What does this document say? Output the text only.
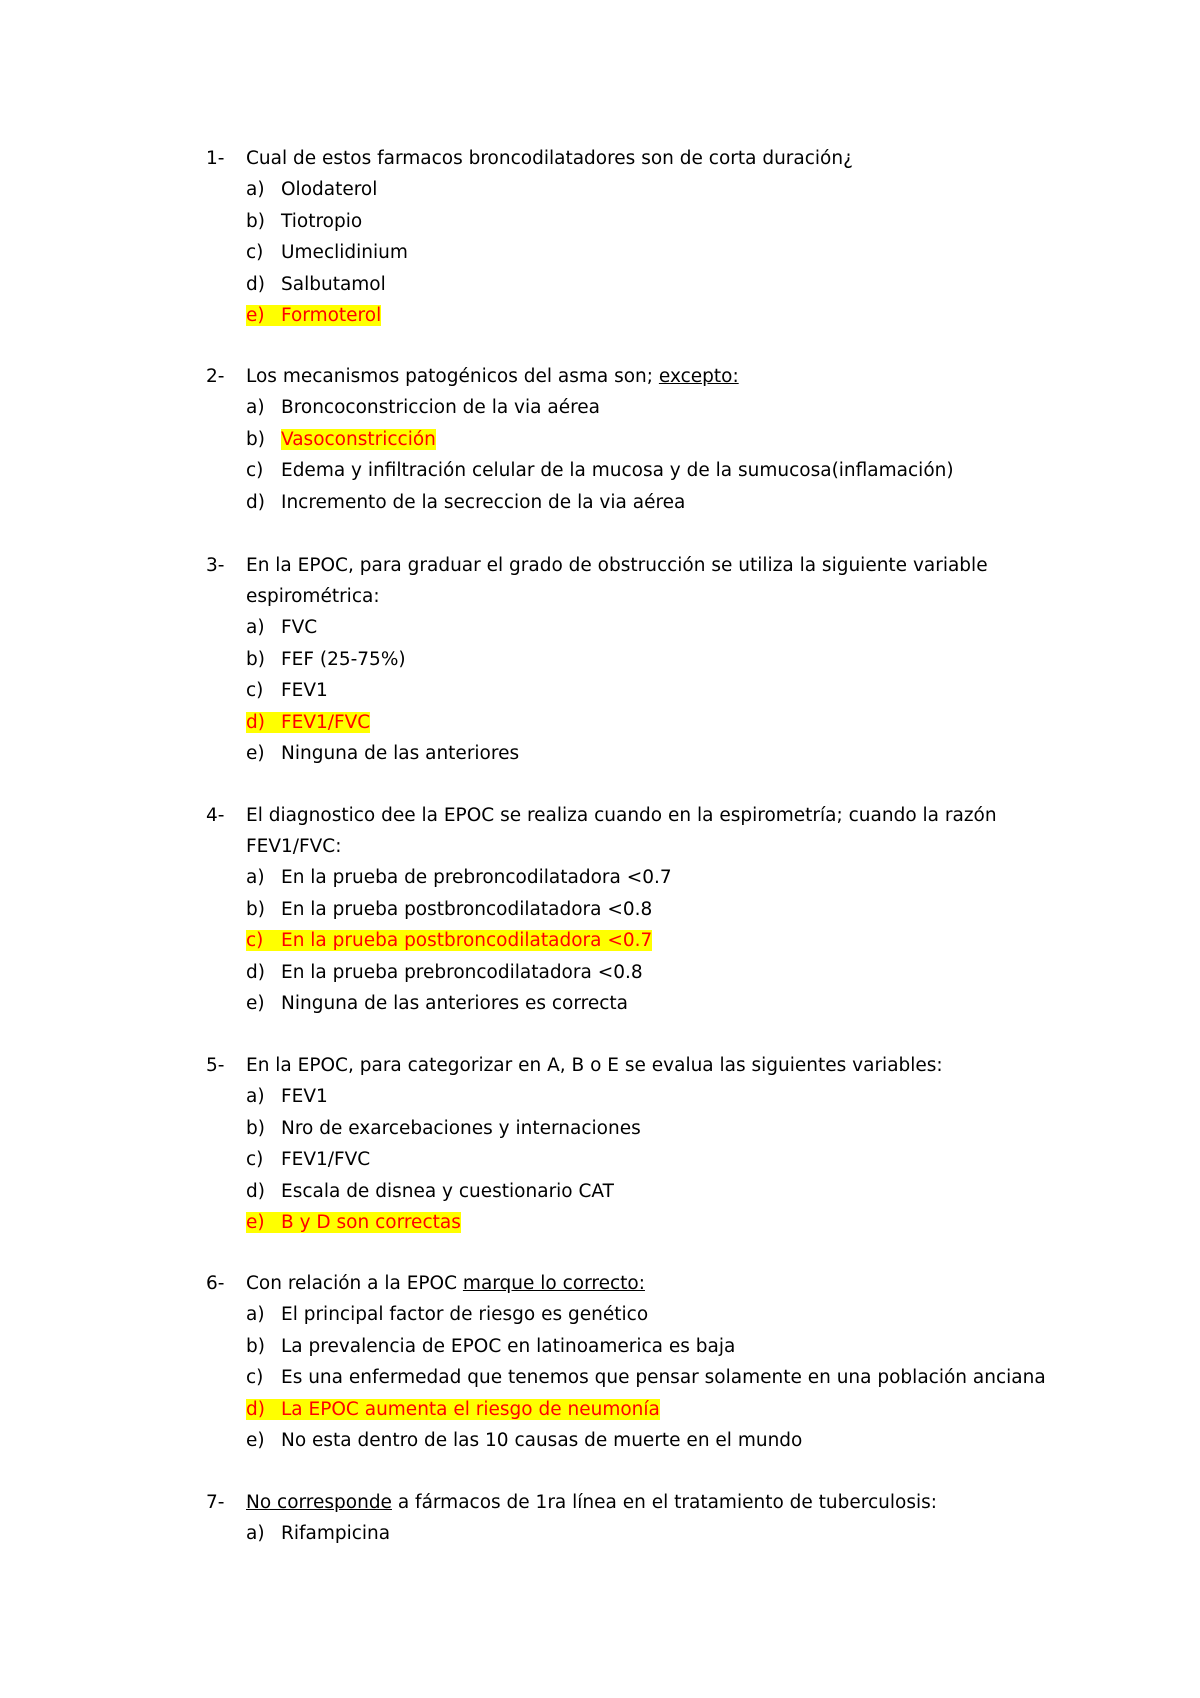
1-	Cual de estos farmacos broncodilatadores son de corta duración¿
a) Olodaterol
b) Tiotropio
c) Umeclidinium
d) Salbutamol
e) Formoterol
2-	Los mecanismos patogénicos del asma son; excepto:
a) Broncoconstriccion de la via aérea
b) Vasoconstricción
c) Edema y infiltración celular de la mucosa y de la sumucosa(inflamación)
d) Incremento de la secreccion de la via aérea
3-	En la EPOC, para graduar el grado de obstrucción se utiliza la siguiente variable
espirométrica:
a) FVC
b) FEF (25-75%)
c) FEV1
d) FEV1/FVC
e) Ninguna de las anteriores
4-	El diagnostico dee la EPOC se realiza cuando en la espirometría; cuando la razón
FEV1/FVC:
a) En la prueba de prebroncodilatadora <0.7
b) En la prueba postbroncodilatadora <0.8
c) En la prueba postbroncodilatadora <0.7
d) En la prueba prebroncodilatadora <0.8
e) Ninguna de las anteriores es correcta
5-	En la EPOC, para categorizar en A, B o E se evalua las siguientes variables:
a) FEV1
b) Nro de exarcebaciones y internaciones
c) FEV1/FVC
d) Escala de disnea y cuestionario CAT
e) B y D son correctas
6-	Con relación a la EPOC marque lo correcto:
a) El principal factor de riesgo es genético
b) La prevalencia de EPOC en latinoamerica es baja
c) Es una enfermedad que tenemos que pensar solamente en una población anciana
d) La EPOC aumenta el riesgo de neumonía
e) No esta dentro de las 10 causas de muerte en el mundo
7-	No corresponde a fármacos de 1ra línea en el tratamiento de tuberculosis:
a) Rifampicina
